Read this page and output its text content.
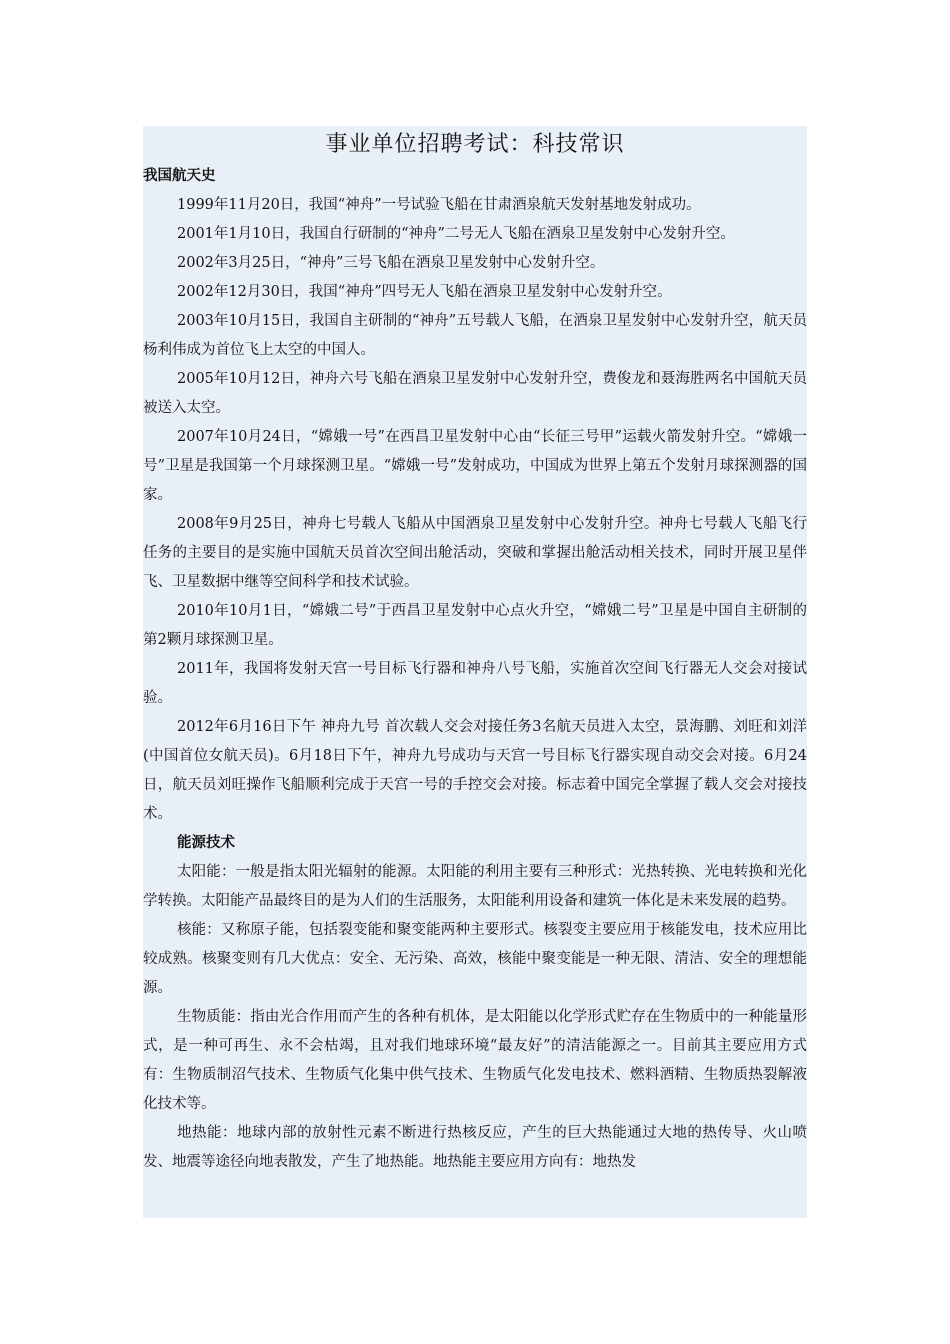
事业单位招聘考试：科技常识
我国航天史

1999年11月20日，我国“神舟”一号试验飞船在甘肃酒泉航天发射基地发射成功。

2001年1月10日，我国自行研制的“神舟”二号无人飞船在酒泉卫星发射中心发射升空。

2002年3月25日，“神舟”三号飞船在酒泉卫星发射中心发射升空。

2002年12月30日，我国“神舟”四号无人飞船在酒泉卫星发射中心发射升空。

2003年10月15日，我国自主研制的“神舟”五号载人飞船，在酒泉卫星发射中心发射升空，航天员杨利伟成为首位飞上太空的中国人。

2005年10月12日，神舟六号飞船在酒泉卫星发射中心发射升空，费俊龙和聂海胜两名中国航天员被送入太空。

2007年10月24日，“嫦娥一号”在西昌卫星发射中心由“长征三号甲”运载火箭发射升空。“嫦娥一号”卫星是我国第一个月球探测卫星。“嫦娥一号”发射成功，中国成为世界上第五个发射月球探测器的国家。

2008年9月25日，神舟七号载人飞船从中国酒泉卫星发射中心发射升空。神舟七号载人飞船飞行任务的主要目的是实施中国航天员首次空间出舱活动，突破和掌握出舱活动相关技术，同时开展卫星伴飞、卫星数据中继等空间科学和技术试验。

2010年10月1日，“嫦娥二号”于西昌卫星发射中心点火升空，“嫦娥二号”卫星是中国自主研制的第2颗月球探测卫星。

2011年，我国将发射天宫一号目标飞行器和神舟八号飞船，实施首次空间飞行器无人交会对接试验。

2012年6月16日下午 神舟九号 首次载人交会对接任务3名航天员进入太空，景海鹏、刘旺和刘洋(中国首位女航天员)。6月18日下午，神舟九号成功与天宫一号目标飞行器实现自动交会对接。6月24日，航天员刘旺操作飞船顺利完成于天宫一号的手控交会对接。标志着中国完全掌握了载人交会对接技术。

能源技术

太阳能：一般是指太阳光辐射的能源。太阳能的利用主要有三种形式：光热转换、光电转换和光化学转换。太阳能产品最终目的是为人们的生活服务，太阳能利用设备和建筑一体化是未来发展的趋势。

核能：又称原子能，包括裂变能和聚变能两种主要形式。核裂变主要应用于核能发电，技术应用比较成熟。核聚变则有几大优点：安全、无污染、高效，核能中聚变能是一种无限、清洁、安全的理想能源。

生物质能：指由光合作用而产生的各种有机体，是太阳能以化学形式贮存在生物质中的一种能量形式，是一种可再生、永不会枯竭，且对我们地球环境“最友好”的清洁能源之一。目前其主要应用方式有：生物质制沼气技术、生物质气化集中供气技术、生物质气化发电技术、燃料酒精、生物质热裂解液化技术等。

地热能：地球内部的放射性元素不断进行热核反应，产生的巨大热能通过大地的热传导、火山喷发、地震等途径向地表散发，产生了地热能。地热能主要应用方向有：地热发
